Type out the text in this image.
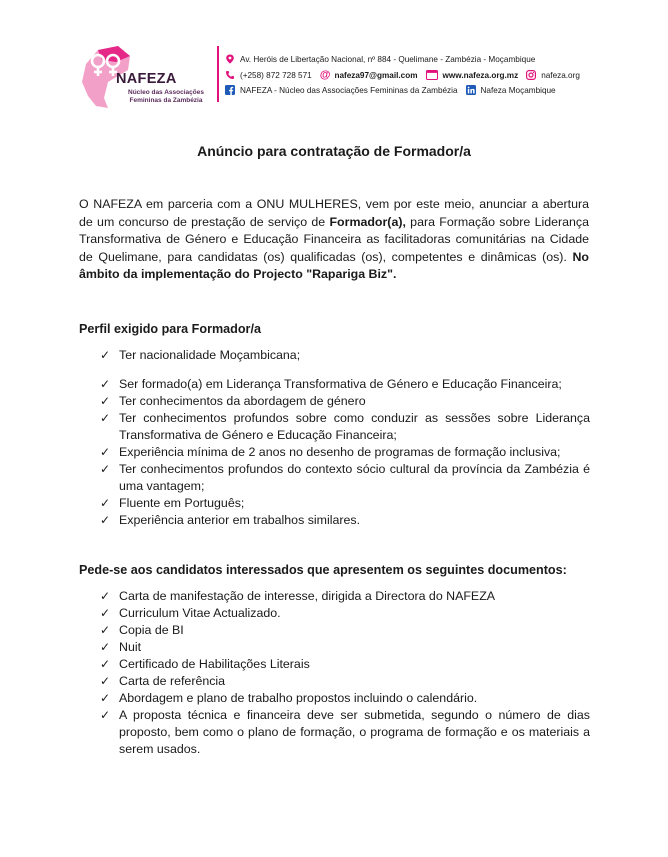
NAFEZA
Núcleo das Associações Femininas da Zambézia
Av. Heróis de Libertação Nacional, nº 884 - Quelimane - Zambézia - Moçambique
(+258) 872 728 571 @ nafeza97@gmail.com	www.nafeza.org.mz	nafeza.org
NAFEZA - Núcleo das Associações Femininas da Zambézia	Nafeza Moçambique
Anúncio para contratação de Formador/a

O NAFEZA em parceria com a ONU MULHERES, vem por este meio, anunciar a abertura de um concurso de prestação de serviço de Formador(a), para Formação sobre Liderança Transformativa de Género e Educação Financeira as facilitadoras comunitárias na Cidade de Quelimane, para candidatas (os) qualificadas (os), competentes e dinâmicas (os). No âmbito da implementação do Projecto "Rapariga Biz".

Perfil exigido para Formador/a
✓ Ter nacionalidade Moçambicana;
✓ Ser formado(a) em Liderança Transformativa de Género e Educação Financeira;
✓ Ter conhecimentos da abordagem de género
✓ Ter conhecimentos profundos sobre como conduzir as sessões sobre Liderança Transformativa de Género e Educação Financeira;
✓ Experiência mínima de 2 anos no desenho de programas de formação inclusiva;
✓ Ter conhecimentos profundos do contexto sócio cultural da província da Zambézia é uma vantagem;
✓ Fluente em Português;
✓ Experiência anterior em trabalhos similares.
Pede-se aos candidatos interessados que apresentem os seguintes documentos:
✓ Carta de manifestação de interesse, dirigida a Directora do NAFEZA
✓ Curriculum Vitae Actualizado.
✓ Copia de BI
✓ Nuit
✓ Certificado de Habilitações Literais
✓ Carta de referência
✓ Abordagem e plano de trabalho propostos incluindo o calendário.
✓ A proposta técnica e financeira deve ser submetida, segundo o número de dias proposto, bem como o plano de formação, o programa de formação e os materiais a serem usados.
